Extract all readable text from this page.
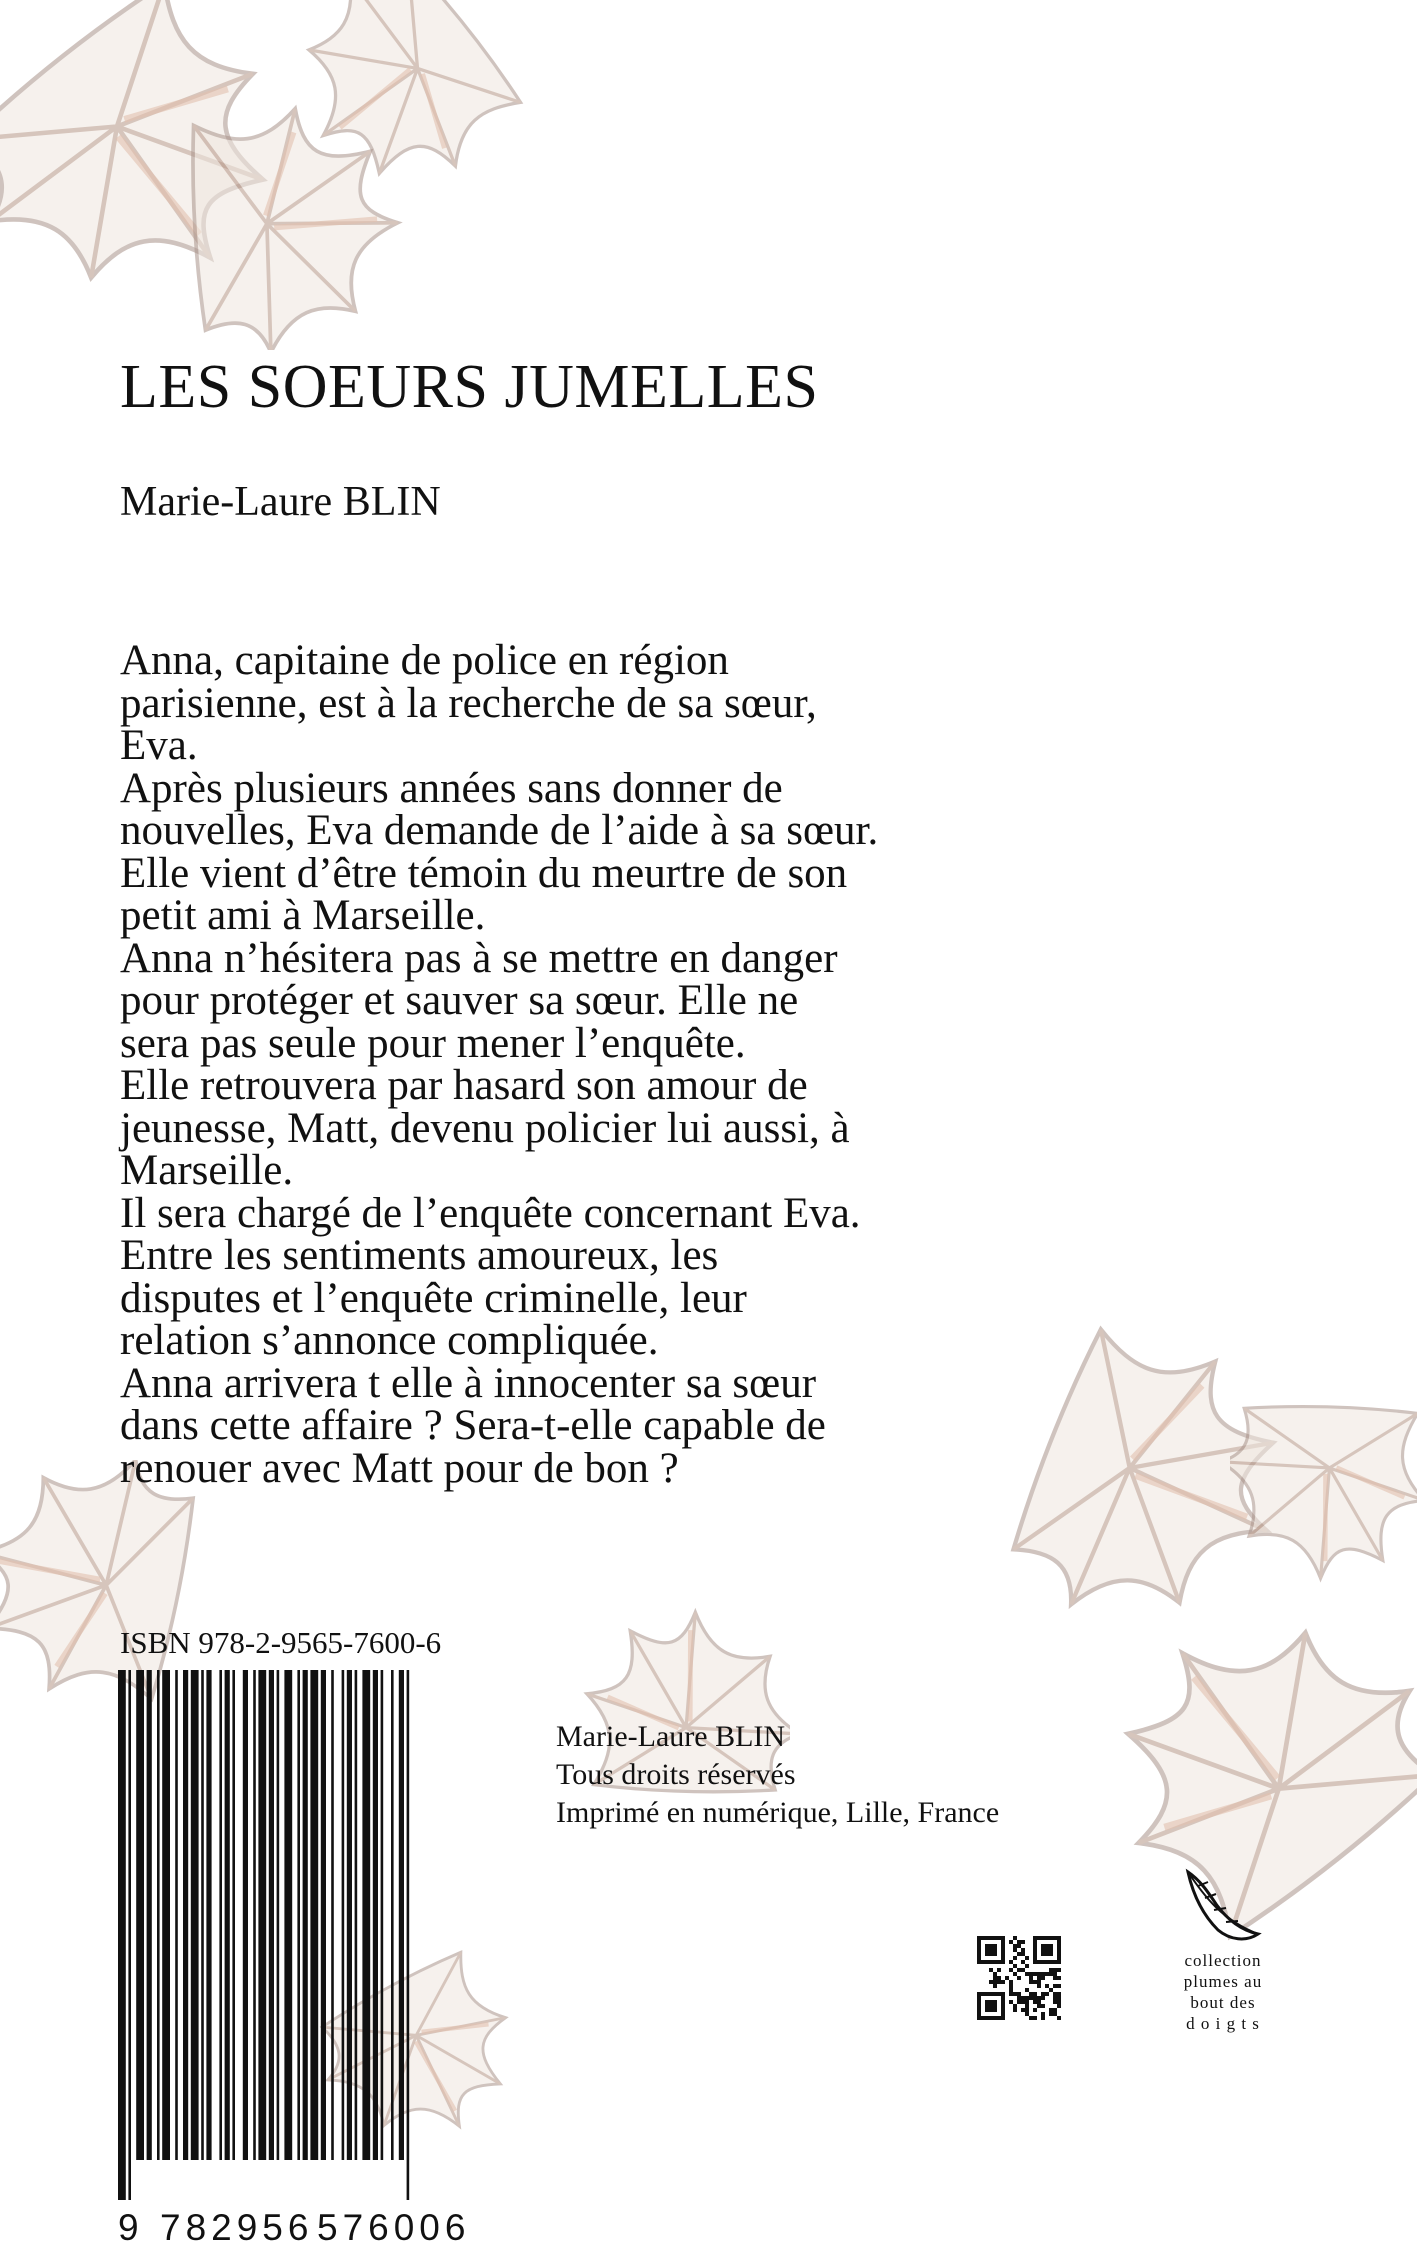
LES SOEURS JUMELLES
Marie-Laure BLIN
Anna, capitaine de police en région
parisienne, est à la recherche de sa sœur,
Eva.
Après plusieurs années sans donner de
nouvelles, Eva demande de l’aide à sa sœur.
Elle vient d’être témoin du meurtre de son
petit ami à Marseille.
Anna n’hésitera pas à se mettre en danger
pour protéger et sauver sa sœur. Elle ne
sera pas seule pour mener l’enquête.
Elle retrouvera par hasard son amour de
jeunesse, Matt, devenu policier lui aussi, à
Marseille.
Il sera chargé de l’enquête concernant Eva.
Entre les sentiments amoureux, les
disputes et l’enquête criminelle, leur
relation s’annonce compliquée.
Anna arrivera t elle à innocenter sa sœur
dans cette affaire ? Sera-t-elle capable de
renouer avec Matt pour de bon ?
ISBN 978-2-9565-7600-6
9 782956 576006
Marie-Laure BLIN
Tous droits réservés
Imprimé en numérique, Lille, France
collection
plumes au
bout des
d o i g t s
